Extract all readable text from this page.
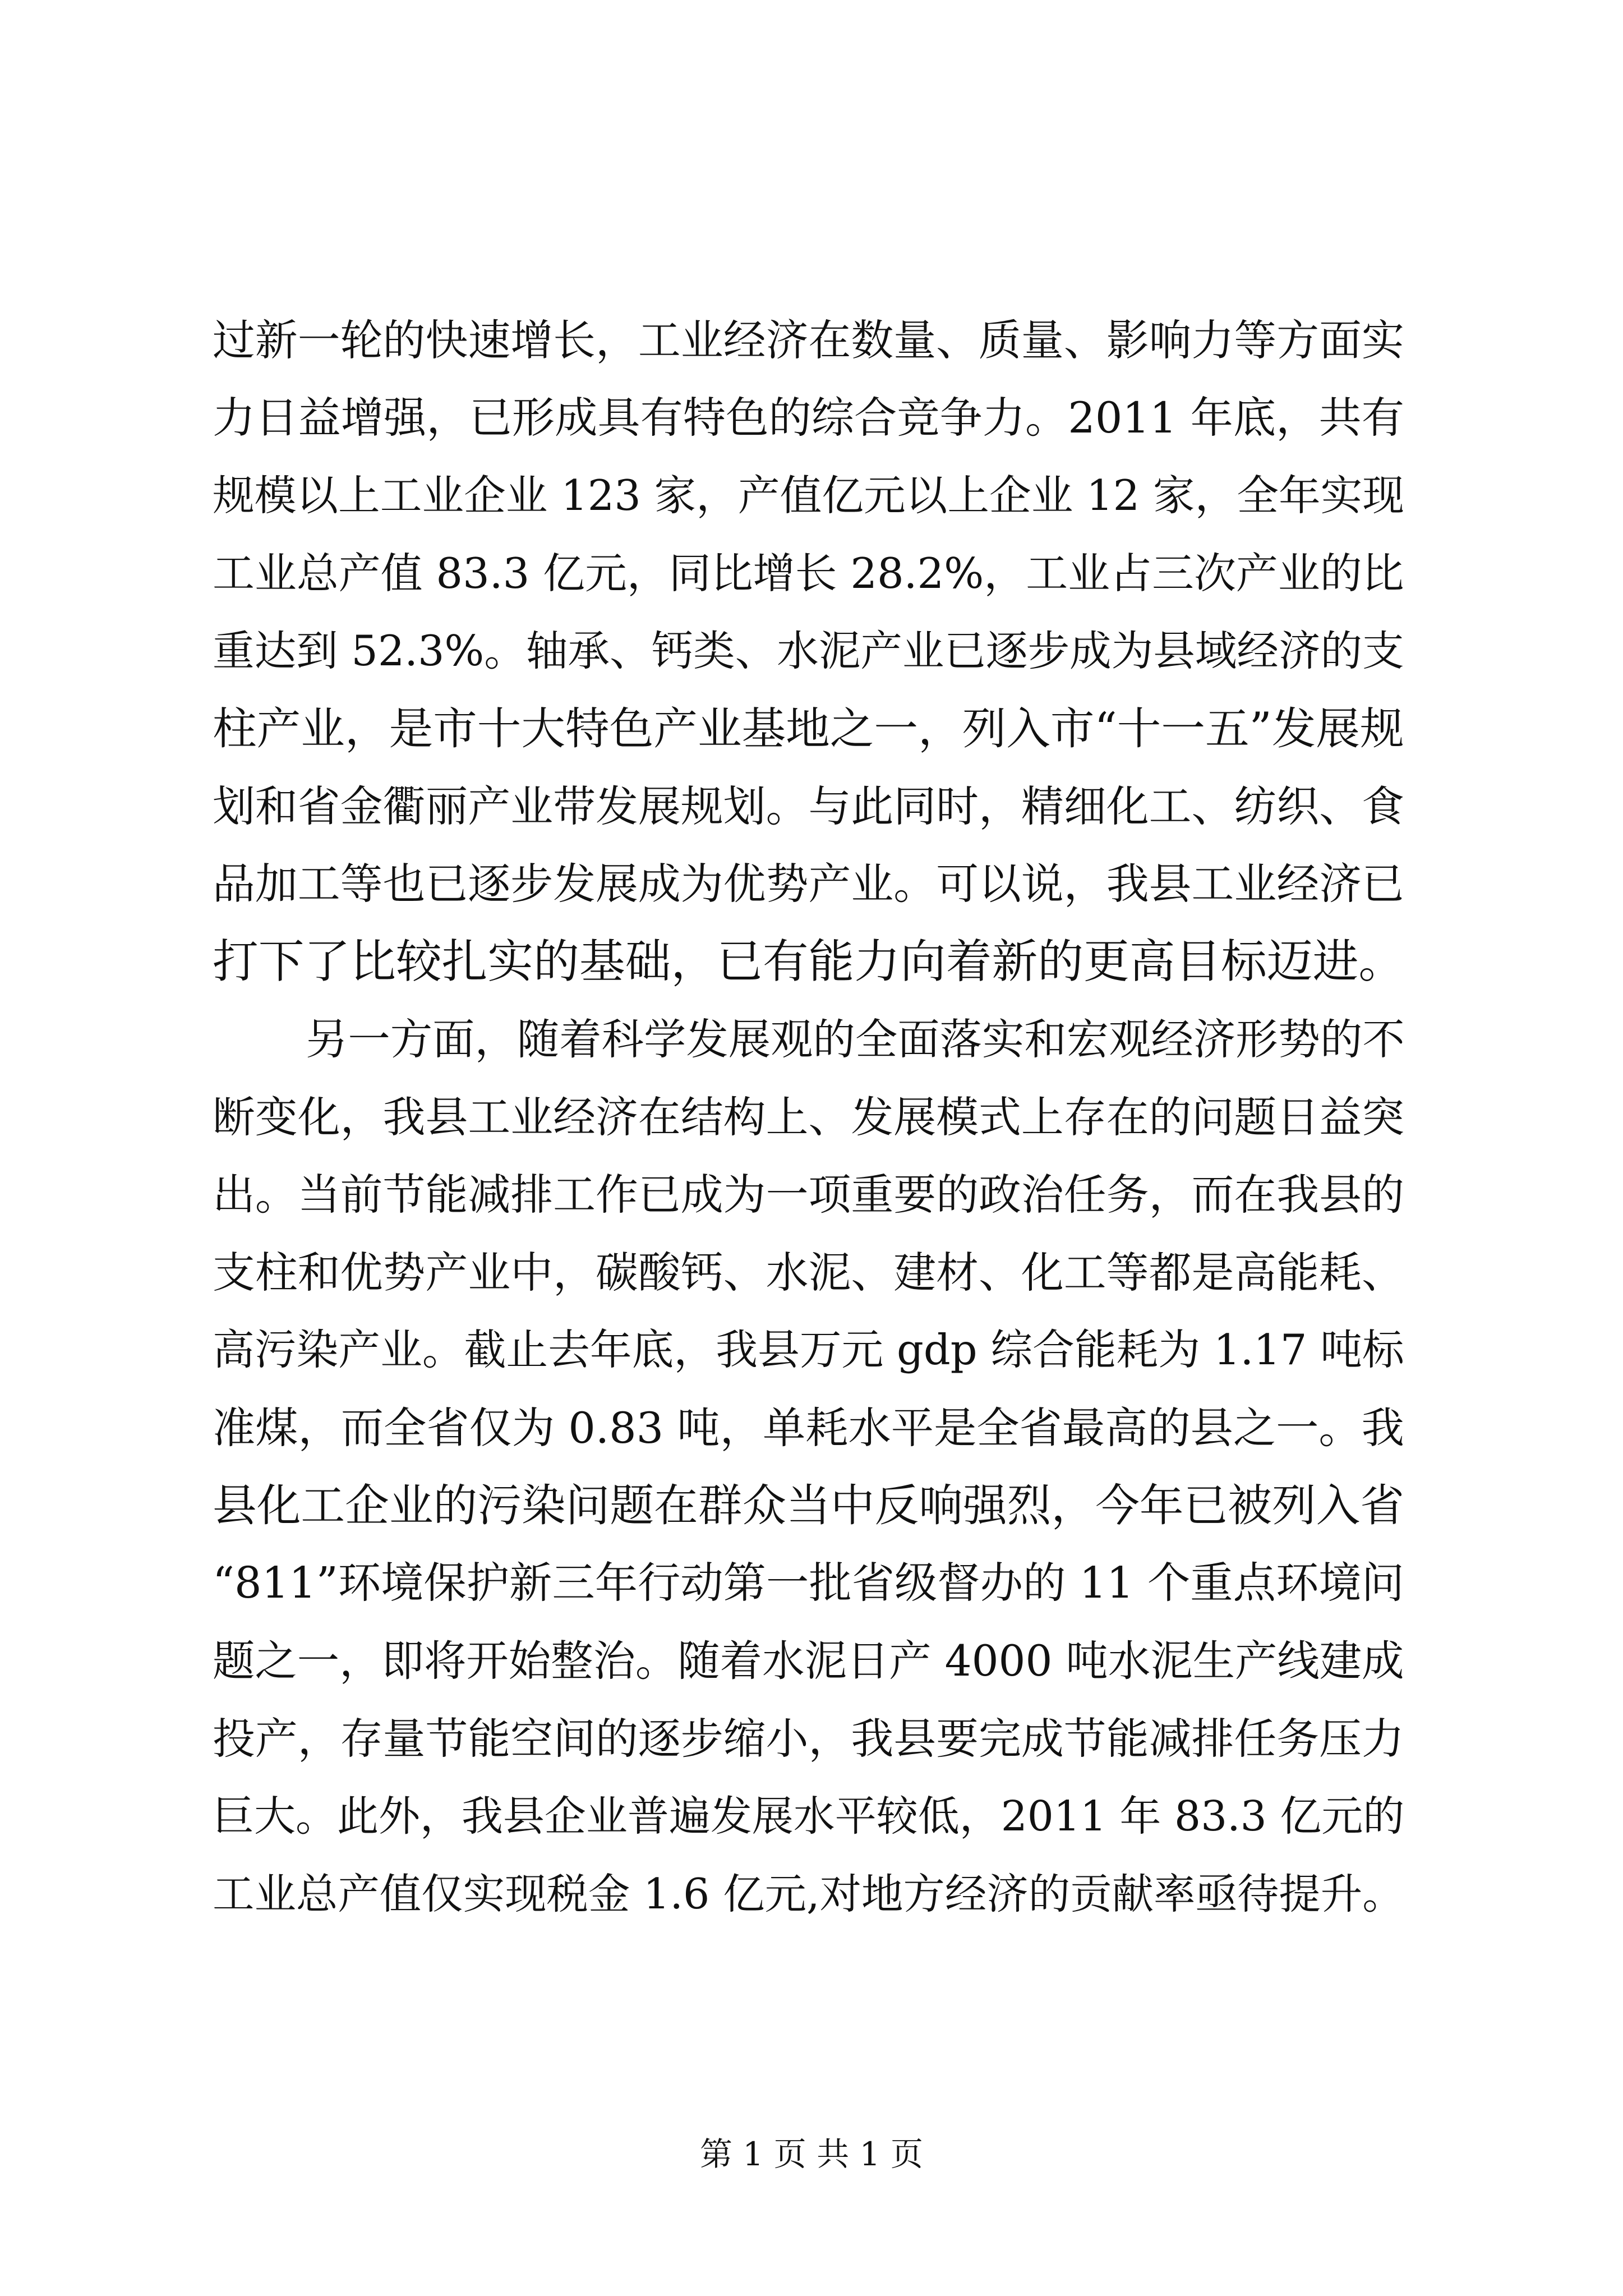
过新一轮的快速增长，工业经济在数量、质量、影响力等方面实
力日益增强，已形成具有特色的综合竞争力。2011 年底，共有
规模以上工业企业 123 家，产值亿元以上企业 12 家，全年实现
工业总产值 83.3 亿元，同比增长 28.2%，工业占三次产业的比
重达到 52.3%。轴承、钙类、水泥产业已逐步成为县域经济的支
柱产业，是市十大特色产业基地之一，列入市“十一五”发展规
划和省金衢丽产业带发展规划。与此同时，精细化工、纺织、食
品加工等也已逐步发展成为优势产业。可以说，我县工业经济已
打下了比较扎实的基础，已有能力向着新的更高目标迈进。
另一方面，随着科学发展观的全面落实和宏观经济形势的不
断变化，我县工业经济在结构上、发展模式上存在的问题日益突
出。当前节能减排工作已成为一项重要的政治任务，而在我县的
支柱和优势产业中，碳酸钙、水泥、建材、化工等都是高能耗、
高污染产业。截止去年底，我县万元 gdp 综合能耗为 1.17 吨标
准煤，而全省仅为 0.83 吨，单耗水平是全省最高的县之一。我
县化工企业的污染问题在群众当中反响强烈，今年已被列入省
“811”环境保护新三年行动第一批省级督办的 11 个重点环境问
题之一，即将开始整治。随着水泥日产 4000 吨水泥生产线建成
投产，存量节能空间的逐步缩小，我县要完成节能减排任务压力
巨大。此外，我县企业普遍发展水平较低，2011 年 83.3 亿元的
工业总产值仅实现税金 1.6 亿元,对地方经济的贡献率亟待提升。
第 1 页 共 1 页
